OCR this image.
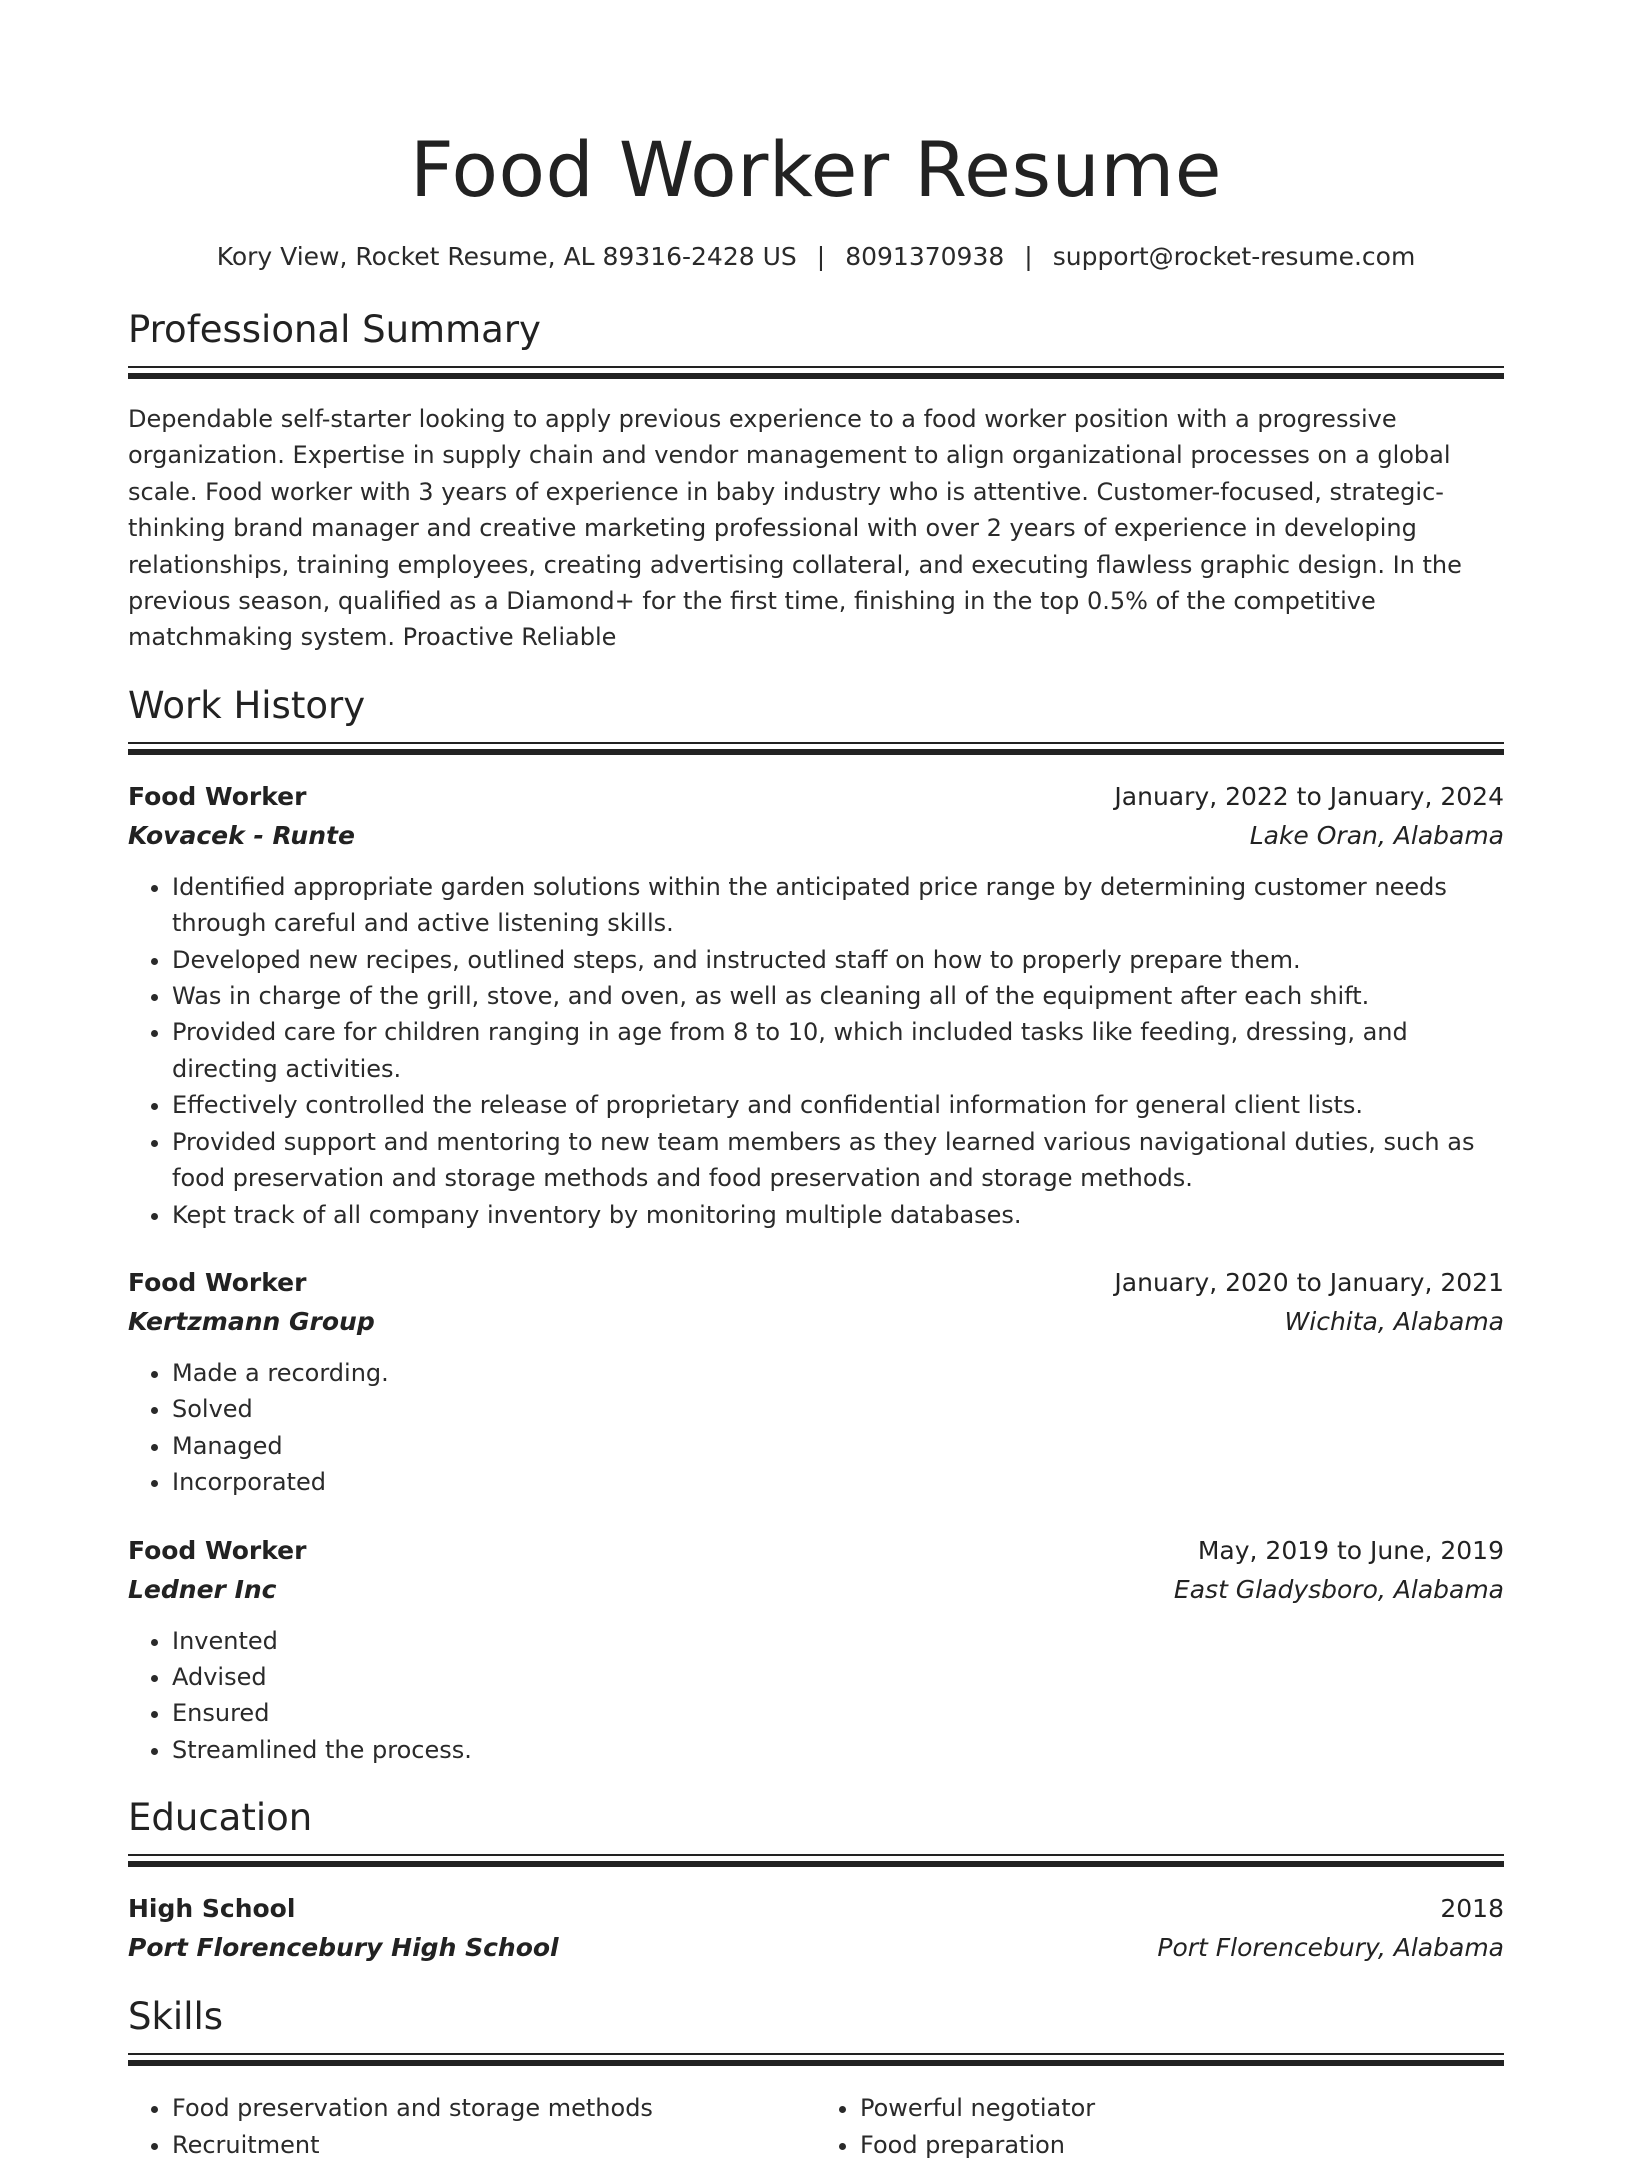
Food Worker Resume
Kory View, Rocket Resume, AL 89316-2428 US | 8091370938 | support@rocket-resume.com
Professional Summary

Dependable self-starter looking to apply previous experience to a food worker position with a progressive organization. Expertise in supply chain and vendor management to align organizational processes on a global scale. Food worker with 3 years of experience in baby industry who is attentive. Customer-focused, strategic-thinking brand manager and creative marketing professional with over 2 years of experience in developing relationships, training employees, creating advertising collateral, and executing flawless graphic design. In the previous season, qualified as a Diamond+ for the first time, finishing in the top 0.5% of the competitive matchmaking system. Proactive Reliable

Work History
Food Worker	January, 2022 to January, 2024
Kovacek - Runte	Lake Oran, Alabama
• Identified appropriate garden solutions within the anticipated price range by determining customer needs through careful and active listening skills.
• Developed new recipes, outlined steps, and instructed staff on how to properly prepare them.
• Was in charge of the grill, stove, and oven, as well as cleaning all of the equipment after each shift.
• Provided care for children ranging in age from 8 to 10, which included tasks like feeding, dressing, and directing activities.
• Effectively controlled the release of proprietary and confidential information for general client lists.
• Provided support and mentoring to new team members as they learned various navigational duties, such as food preservation and storage methods and food preservation and storage methods.
• Kept track of all company inventory by monitoring multiple databases.
Food Worker	January, 2020 to January, 2021
Kertzmann Group	Wichita, Alabama
• Made a recording.
• Solved
• Managed
• Incorporated
Food Worker	May, 2019 to June, 2019
Ledner Inc	East Gladysboro, Alabama
• Invented
• Advised
• Ensured
• Streamlined the process.
Education
High School	2018
Port Florencebury High School	Port Florencebury, Alabama
Skills
• Food preservation and storage methods
• Recruitment
• Powerful negotiator
• Food preparation
